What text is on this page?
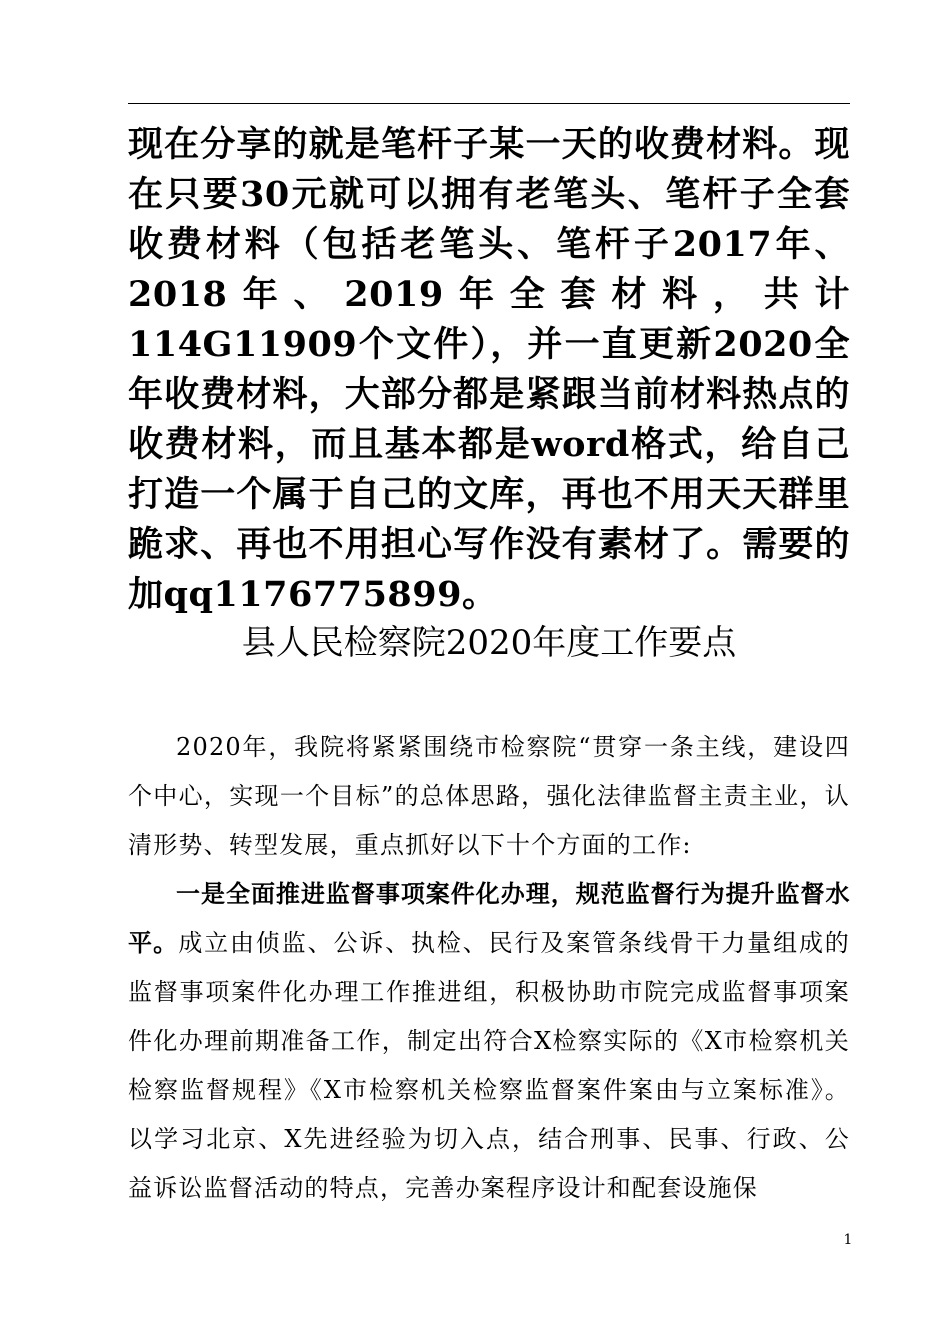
现在分享的就是笔杆子某一天的收费材料。现在只要30元就可以拥有老笔头、笔杆子全套收费材料（包括老笔头、笔杆子2017年、2018年、2019年全套材料，共计114G11909个文件），并一直更新2020全年收费材料，大部分都是紧跟当前材料热点的收费材料，而且基本都是word格式，给自己打造一个属于自己的文库，再也不用天天群里跪求、再也不用担心写作没有素材了。需要的加qq1176775899。

县人民检察院2020年度工作要点

2020年，我院将紧紧围绕市检察院“贯穿一条主线，建设四个中心，实现一个目标”的总体思路，强化法律监督主责主业，认清形势、转型发展，重点抓好以下十个方面的工作:

一是全面推进监督事项案件化办理，规范监督行为提升监督水平。成立由侦监、公诉、执检、民行及案管条线骨干力量组成的监督事项案件化办理工作推进组，积极协助市院完成监督事项案件化办理前期准备工作，制定出符合X检察实际的《X市检察机关检察监督规程》《X市检察机关检察监督案件案由与立案标准》。以学习北京、X先进经验为切入点，结合刑事、民事、行政、公益诉讼监督活动的特点，完善办案程序设计和配套设施保

1
